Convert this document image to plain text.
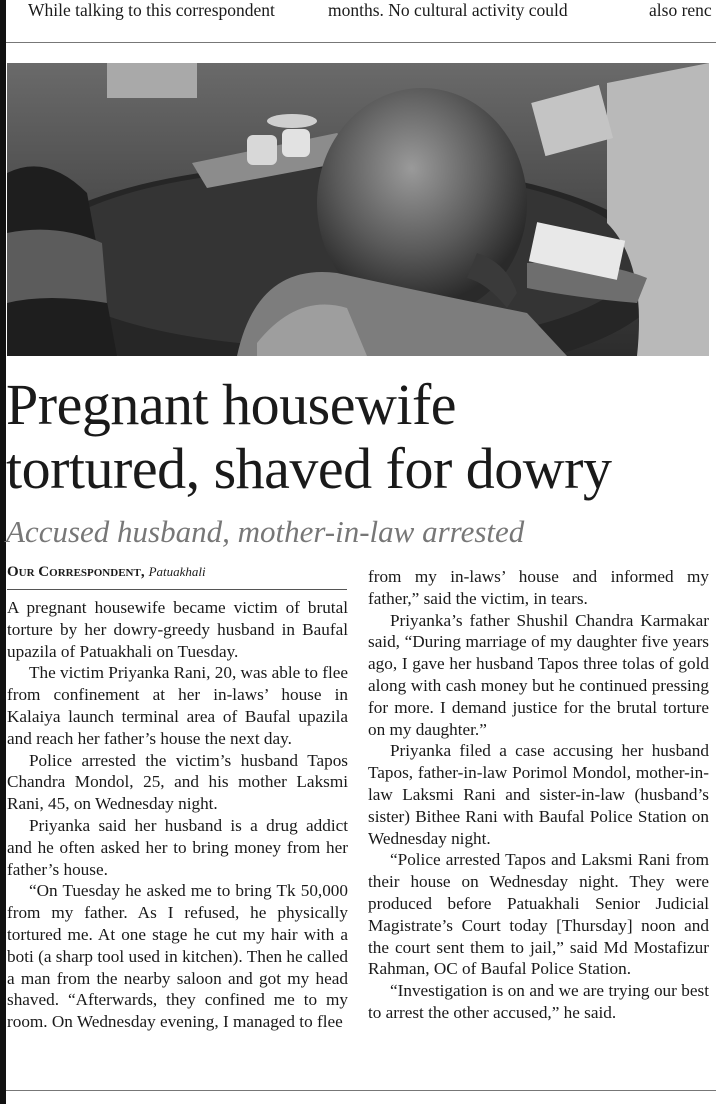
While talking to this correspondent	months. No cultural activity could	also renc
Pregnant housewife
tortured, shaved for dowry
Accused husband, mother-in-law arrested
Our Correspondent, Patuakhali

A pregnant housewife became victim of brutal torture by her dowry-greedy husband in Baufal upazila of Patuakhali on Tuesday.

The victim Priyanka Rani, 20, was able to flee from confinement at her in-laws’ house in Kalaiya launch terminal area of Baufal upazila and reach her father’s house the next day.

Police arrested the victim’s husband Tapos Chandra Mondol, 25, and his mother Laksmi Rani, 45, on Wednesday night.

Priyanka said her husband is a drug addict and he often asked her to bring money from her father’s house.

“On Tuesday he asked me to bring Tk 50,000 from my father. As I refused, he physically tortured me. At one stage he cut my hair with a boti (a sharp tool used in kitchen). Then he called a man from the nearby saloon and got my head shaved. “Afterwards, they confined me to my room. On Wednesday evening, I managed to flee

from my in-laws’ house and informed my father,” said the victim, in tears.

Priyanka’s father Shushil Chandra Karmakar said, “During marriage of my daughter five years ago, I gave her husband Tapos three tolas of gold along with cash money but he continued pressing for more. I demand justice for the brutal torture on my daughter.”

Priyanka filed a case accusing her husband Tapos, father-in-law Porimol Mondol, mother-in-law Laksmi Rani and sister-in-law (husband’s sister) Bithee Rani with Baufal Police Station on Wednesday night.

“Police arrested Tapos and Laksmi Rani from their house on Wednesday night. They were produced before Patuakhali Senior Judicial Magistrate’s Court today [Thursday] noon and the court sent them to jail,” said Md Mostafizur Rahman, OC of Baufal Police Station.

“Investigation is on and we are trying our best to arrest the other accused,” he said.
